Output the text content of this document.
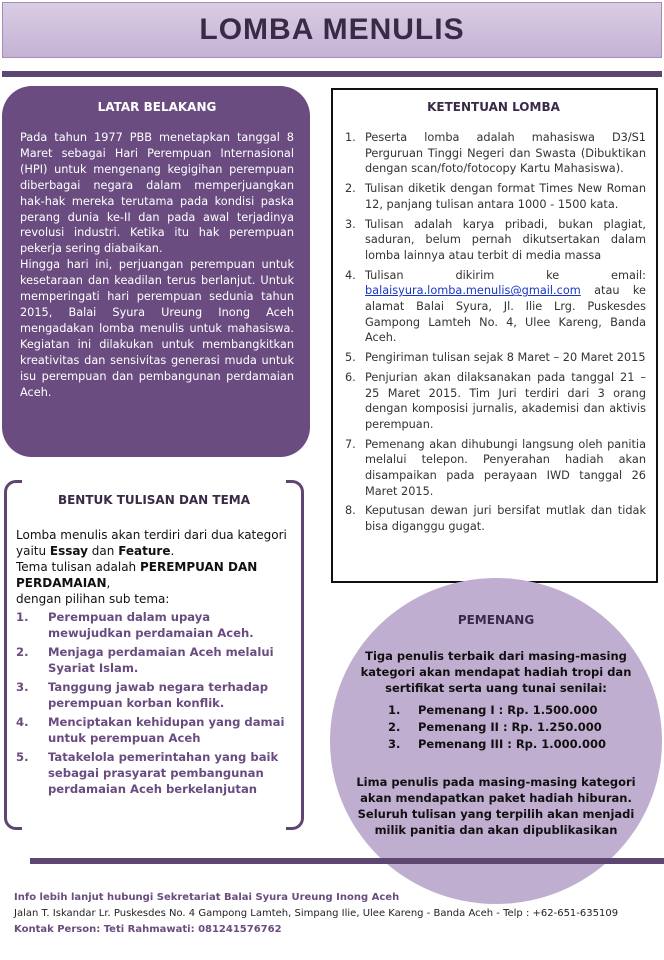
LOMBA MENULIS
LATAR BELAKANG

Pada tahun 1977 PBB menetapkan tanggal 8 Maret sebagai Hari Perempuan Internasional (HPI) untuk mengenang kegigihan perempuan diberbagai negara dalam memperjuangkan hak-hak mereka terutama pada kondisi paska perang dunia ke-II dan pada awal terjadinya revolusi industri. Ketika itu hak perempuan pekerja sering diabaikan.

Hingga hari ini, perjuangan perempuan untuk kesetaraan dan keadilan terus berlanjut. Untuk memperingati hari perempuan sedunia tahun 2015, Balai Syura Ureung Inong Aceh mengadakan lomba menulis untuk mahasiswa. Kegiatan ini dilakukan untuk membangkitkan kreativitas dan sensivitas generasi muda untuk isu perempuan dan pembangunan perdamaian Aceh.

KETENTUAN LOMBA
1. Peserta lomba adalah mahasiswa D3/S1 Perguruan Tinggi Negeri dan Swasta (Dibuktikan dengan scan/foto/fotocopy Kartu Mahasiswa).
2. Tulisan diketik dengan format Times New Roman 12, panjang tulisan antara 1000 - 1500 kata.
3. Tulisan adalah karya pribadi, bukan plagiat, saduran, belum pernah dikutsertakan dalam lomba lainnya atau terbit di media massa
4. Tulisan dikirim ke email: balaisyura.lomba.menulis@gmail.com atau ke alamat Balai Syura, Jl. Ilie Lrg. Puskesdes Gampong Lamteh No. 4, Ulee Kareng, Banda Aceh.
5. Pengiriman tulisan sejak 8 Maret – 20 Maret 2015
6. Penjurian akan dilaksanakan pada tanggal 21 – 25 Maret 2015. Tim Juri terdiri dari 3 orang dengan komposisi jurnalis, akademisi dan aktivis perempuan.
7. Pemenang akan dihubungi langsung oleh panitia melalui telepon. Penyerahan hadiah akan disampaikan pada perayaan IWD tanggal 26 Maret 2015.
8. Keputusan dewan juri bersifat mutlak dan tidak bisa diganggu gugat.
BENTUK TULISAN DAN TEMA
Lomba menulis akan terdiri dari dua kategori yaitu Essay dan Feature.
Tema tulisan adalah PEREMPUAN DAN PERDAMAIAN,
dengan pilihan sub tema:
1.	Perempuan dalam upaya mewujudkan perdamaian Aceh.
2.	Menjaga perdamaian Aceh melalui Syariat Islam.
3.	Tanggung jawab negara terhadap perempuan korban konflik.
4.	Menciptakan kehidupan yang damai untuk perempuan Aceh
5.	Tatakelola pemerintahan yang baik sebagai prasyarat pembangunan perdamaian Aceh berkelanjutan
PEMENANG
Tiga penulis terbaik dari masing-masing kategori akan mendapat hadiah tropi dan sertifikat serta uang tunai senilai:
1.	Pemenang I : Rp. 1.500.000
2.	Pemenang II : Rp. 1.250.000
3.	Pemenang III : Rp. 1.000.000
Lima penulis pada masing-masing kategori akan mendapatkan paket hadiah hiburan.
Seluruh tulisan yang terpilih akan menjadi milik panitia dan akan dipublikasikan
Info lebih lanjut hubungi Sekretariat Balai Syura Ureung Inong Aceh
Jalan T. Iskandar Lr. Puskesdes No. 4 Gampong Lamteh, Simpang Ilie, Ulee Kareng - Banda Aceh - Telp : +62-651-635109
Kontak Person: Teti Rahmawati: 081241576762
